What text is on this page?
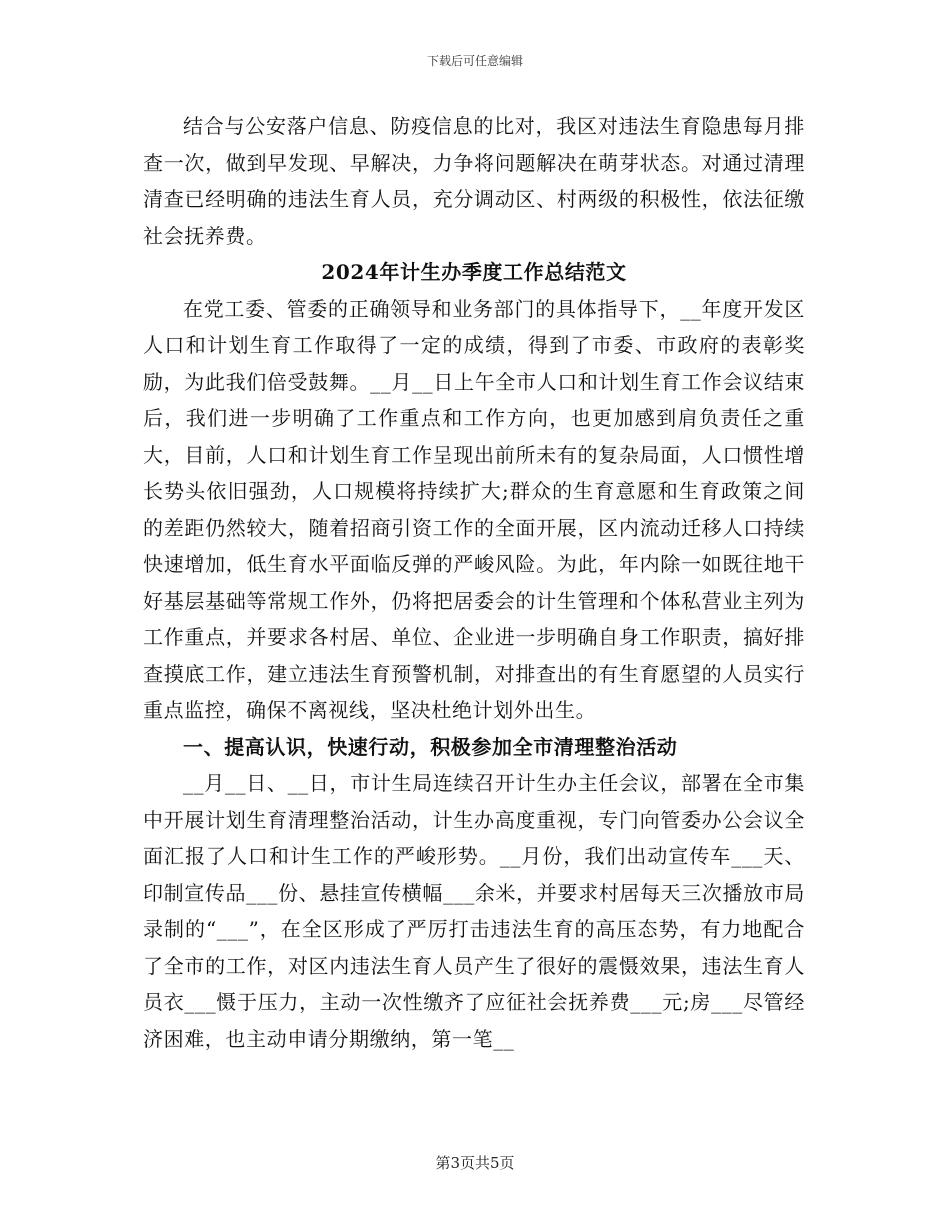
下载后可任意编辑

结合与公安落户信息、防疫信息的比对，我区对违法生育隐患每月排查一次，做到早发现、早解决，力争将问题解决在萌芽状态。对通过清理清查已经明确的违法生育人员，充分调动区、村两级的积极性，依法征缴社会抚养费。

2024年计生办季度工作总结范文

在党工委、管委的正确领导和业务部门的具体指导下，__年度开发区人口和计划生育工作取得了一定的成绩，得到了市委、市政府的表彰奖励，为此我们倍受鼓舞。__月__日上午全市人口和计划生育工作会议结束后，我们进一步明确了工作重点和工作方向，也更加感到肩负责任之重大，目前，人口和计划生育工作呈现出前所未有的复杂局面，人口惯性增长势头依旧强劲，人口规模将持续扩大;群众的生育意愿和生育政策之间的差距仍然较大，随着招商引资工作的全面开展，区内流动迁移人口持续快速增加，低生育水平面临反弹的严峻风险。为此，年内除一如既往地干好基层基础等常规工作外，仍将把居委会的计生管理和个体私营业主列为工作重点，并要求各村居、单位、企业进一步明确自身工作职责，搞好排查摸底工作，建立违法生育预警机制，对排查出的有生育愿望的人员实行重点监控，确保不离视线，坚决杜绝计划外出生。

一、提高认识，快速行动，积极参加全市清理整治活动

__月__日、__日，市计生局连续召开计生办主任会议，部署在全市集中开展计划生育清理整治活动，计生办高度重视，专门向管委办公会议全面汇报了人口和计生工作的严峻形势。__月份，我们出动宣传车___天、印制宣传品___份、悬挂宣传横幅___余米，并要求村居每天三次播放市局录制的“___”，在全区形成了严厉打击违法生育的高压态势，有力地配合了全市的工作，对区内违法生育人员产生了很好的震慑效果，违法生育人员衣___慑于压力，主动一次性缴齐了应征社会抚养费___元;房___尽管经济困难，也主动申请分期缴纳，第一笔__

第3页共5页
